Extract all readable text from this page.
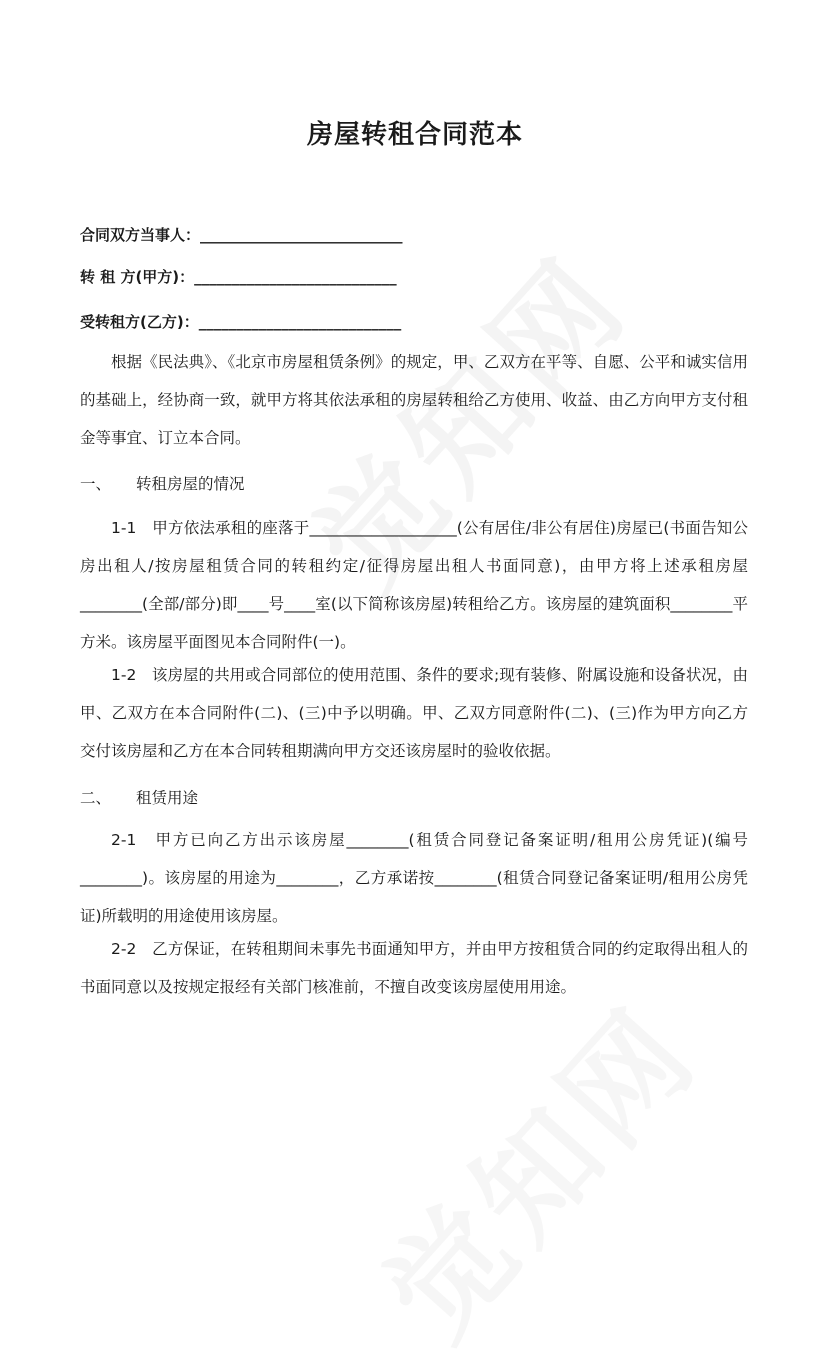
房屋转租合同范本
合同双方当事人：___________________________
转 租 方(甲方)：___________________________
受转租方(乙方)：___________________________

根据《民法典》、《北京市房屋租赁条例》的规定，甲、乙双方在平等、自愿、公平和诚实信用的基础上，经协商一致，就甲方将其依法承租的房屋转租给乙方使用、收益、由乙方向甲方支付租金等事宜、订立本合同。

一、 转租房屋的情况

1-1　甲方依法承租的座落于___________________(公有居住/非公有居住)房屋已(书面告知公房出租人/按房屋租赁合同的转租约定/征得房屋出租人书面同意)，由甲方将上述承租房屋________(全部/部分)即____号____室(以下简称该房屋)转租给乙方。该房屋的建筑面积________平方米。该房屋平面图见本合同附件(一)。

1-2　该房屋的共用或合同部位的使用范围、条件的要求;现有装修、附属设施和设备状况，由甲、乙双方在本合同附件(二)、(三)中予以明确。甲、乙双方同意附件(二)、(三)作为甲方向乙方交付该房屋和乙方在本合同转租期满向甲方交还该房屋时的验收依据。

二、 租赁用途

2-1　甲方已向乙方出示该房屋________(租赁合同登记备案证明/租用公房凭证)(编号________)。该房屋的用途为________，乙方承诺按________(租赁合同登记备案证明/租用公房凭证)所载明的用途使用该房屋。

2-2　乙方保证，在转租期间未事先书面通知甲方，并由甲方按租赁合同的约定取得出租人的书面同意以及按规定报经有关部门核准前，不擅自改变该房屋使用用途。
